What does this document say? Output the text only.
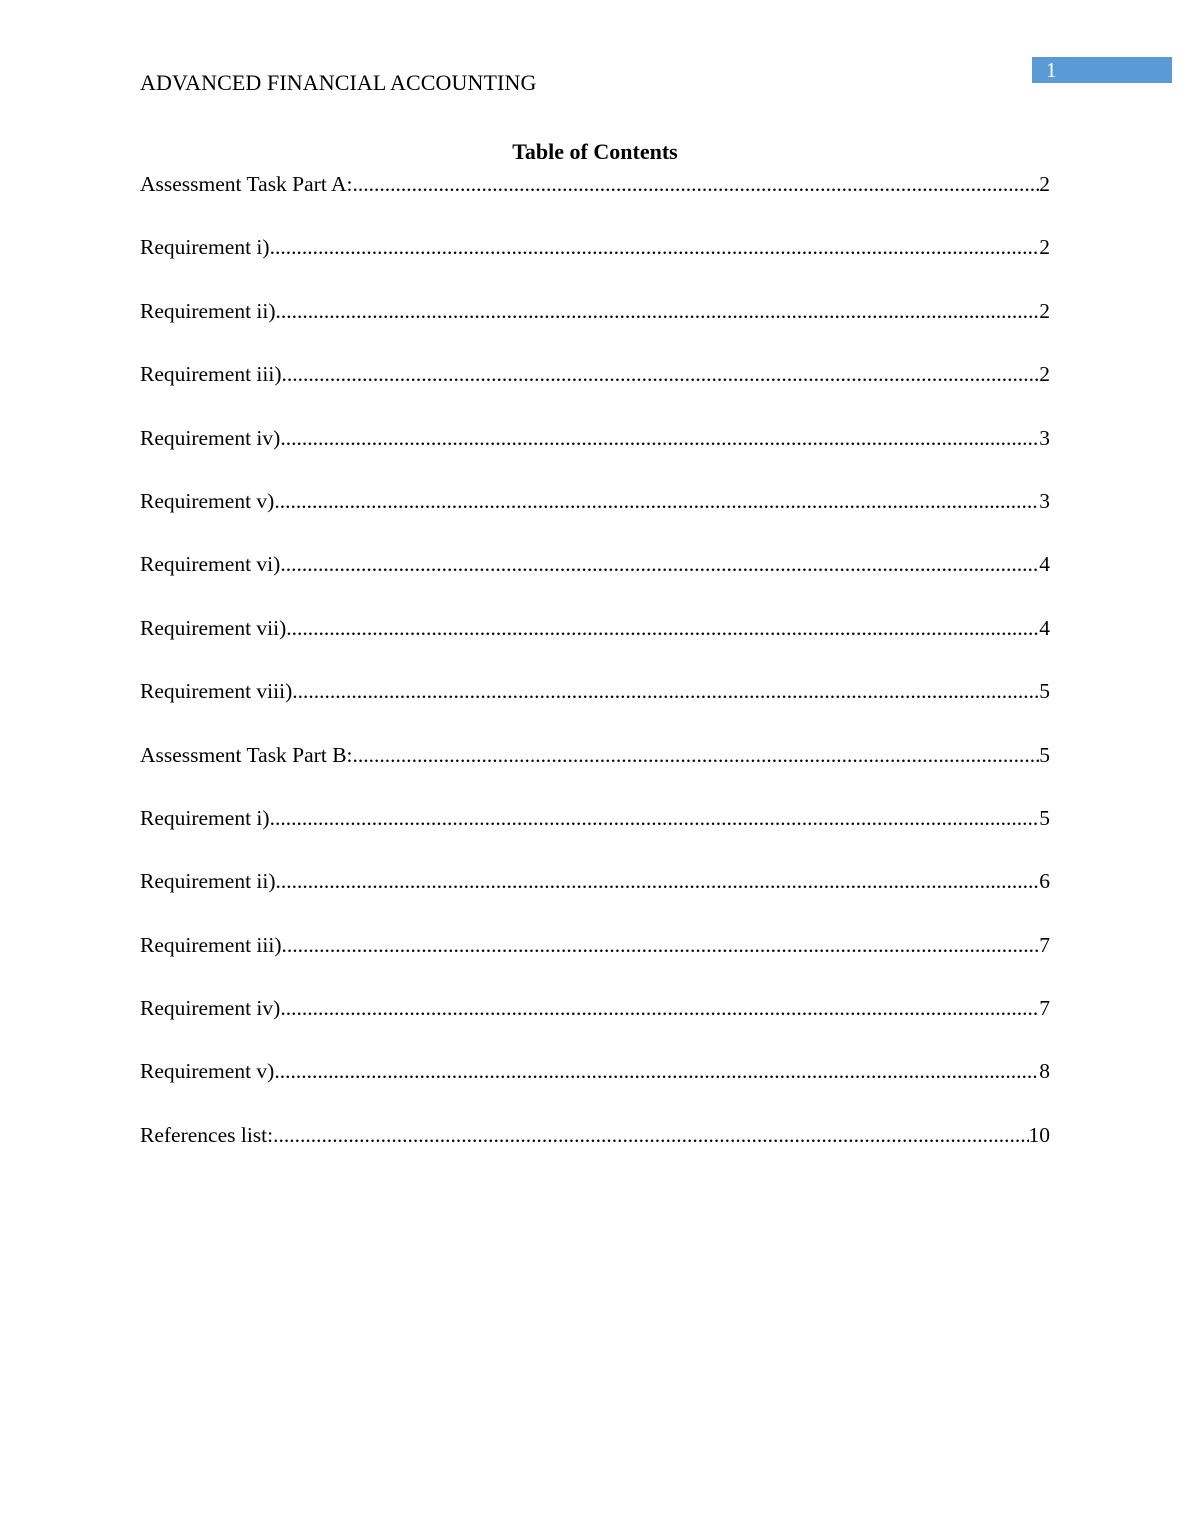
ADVANCED FINANCIAL ACCOUNTING	1
Table of Contents
Assessment Task Part A: .....	2
Requirement i) .....	2
Requirement ii) .....	2
Requirement iii) .....	2
Requirement iv) .....	3
Requirement v) .....	3
Requirement vi) .....	4
Requirement vii) .....	4
Requirement viii) .....	5
Assessment Task Part B: .....	5
Requirement i) .....	5
Requirement ii) .....	6
Requirement iii) .....	7
Requirement iv) .....	7
Requirement v) .....	8
References list: .....	10
